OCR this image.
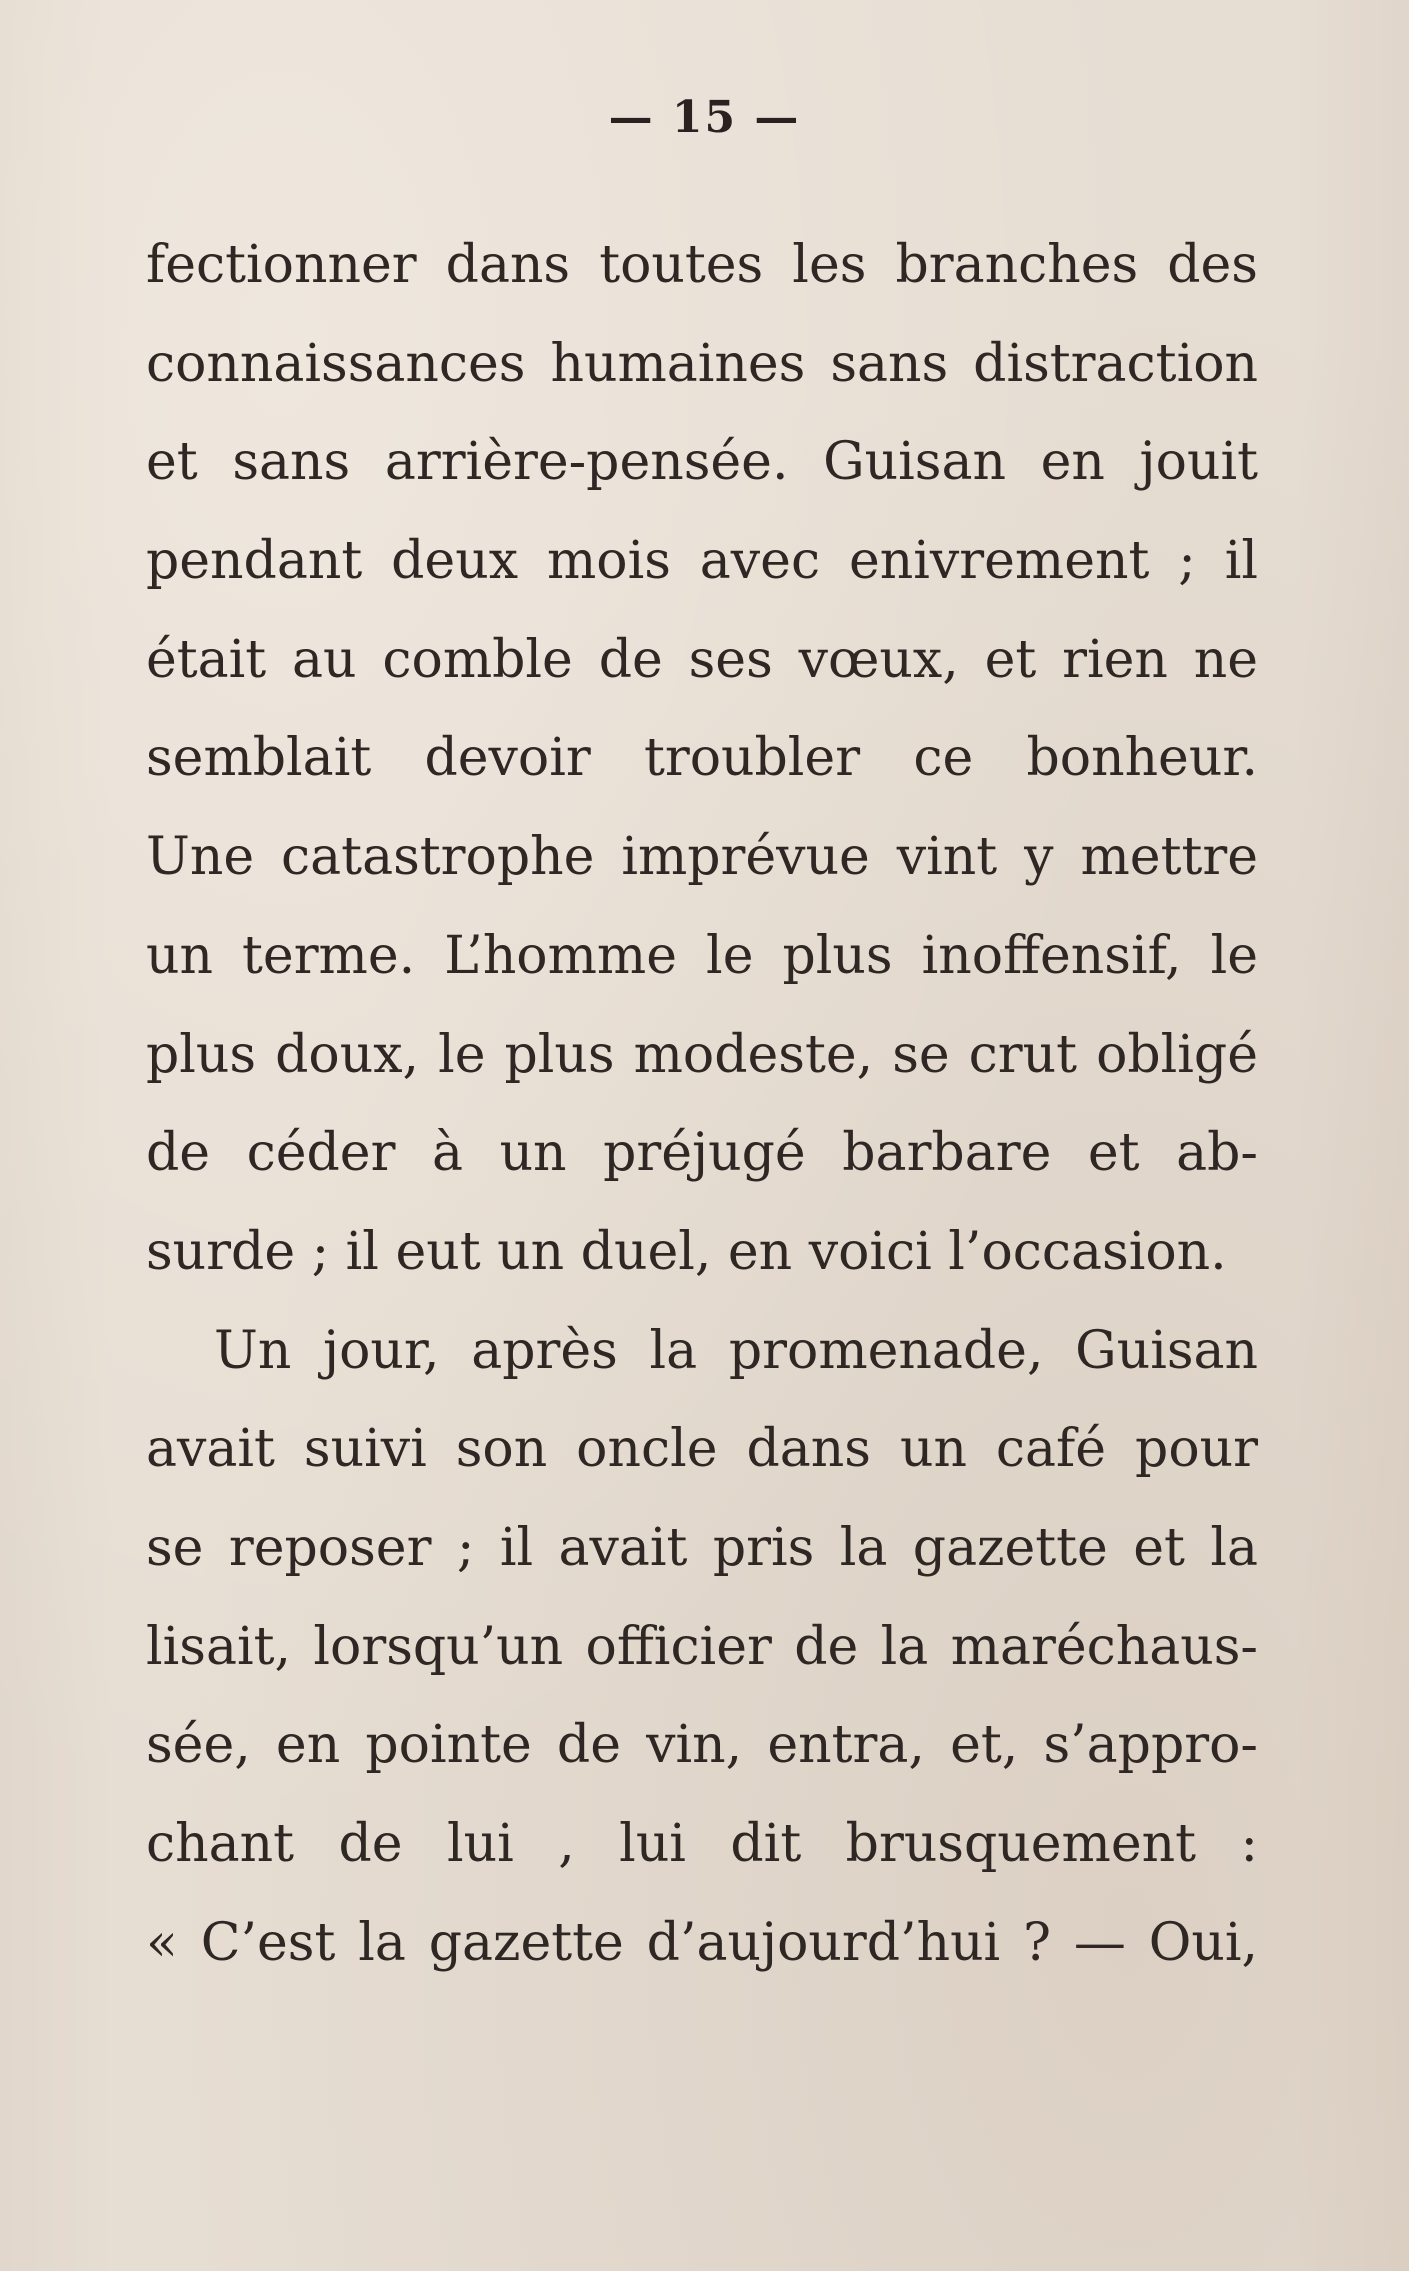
— 15 —
fectionner dans toutes les branches des
connaissances humaines sans distraction
et sans arrière-pensée. Guisan en jouit
pendant deux mois avec enivrement ; il
était au comble de ses vœux, et rien ne
semblait devoir troubler ce bonheur.
Une catastrophe imprévue vint y mettre
un terme. L’homme le plus inoffensif, le
plus doux, le plus modeste, se crut obligé
de céder à un préjugé barbare et ab-
surde ; il eut un duel, en voici l’occasion.
Un jour, après la promenade, Guisan
avait suivi son oncle dans un café pour
se reposer ; il avait pris la gazette et la
lisait, lorsqu’un officier de la maréchaus-
sée, en pointe de vin, entra, et, s’appro-
chant de lui , lui dit brusquement :
« C’est la gazette d’aujourd’hui ? — Oui,
